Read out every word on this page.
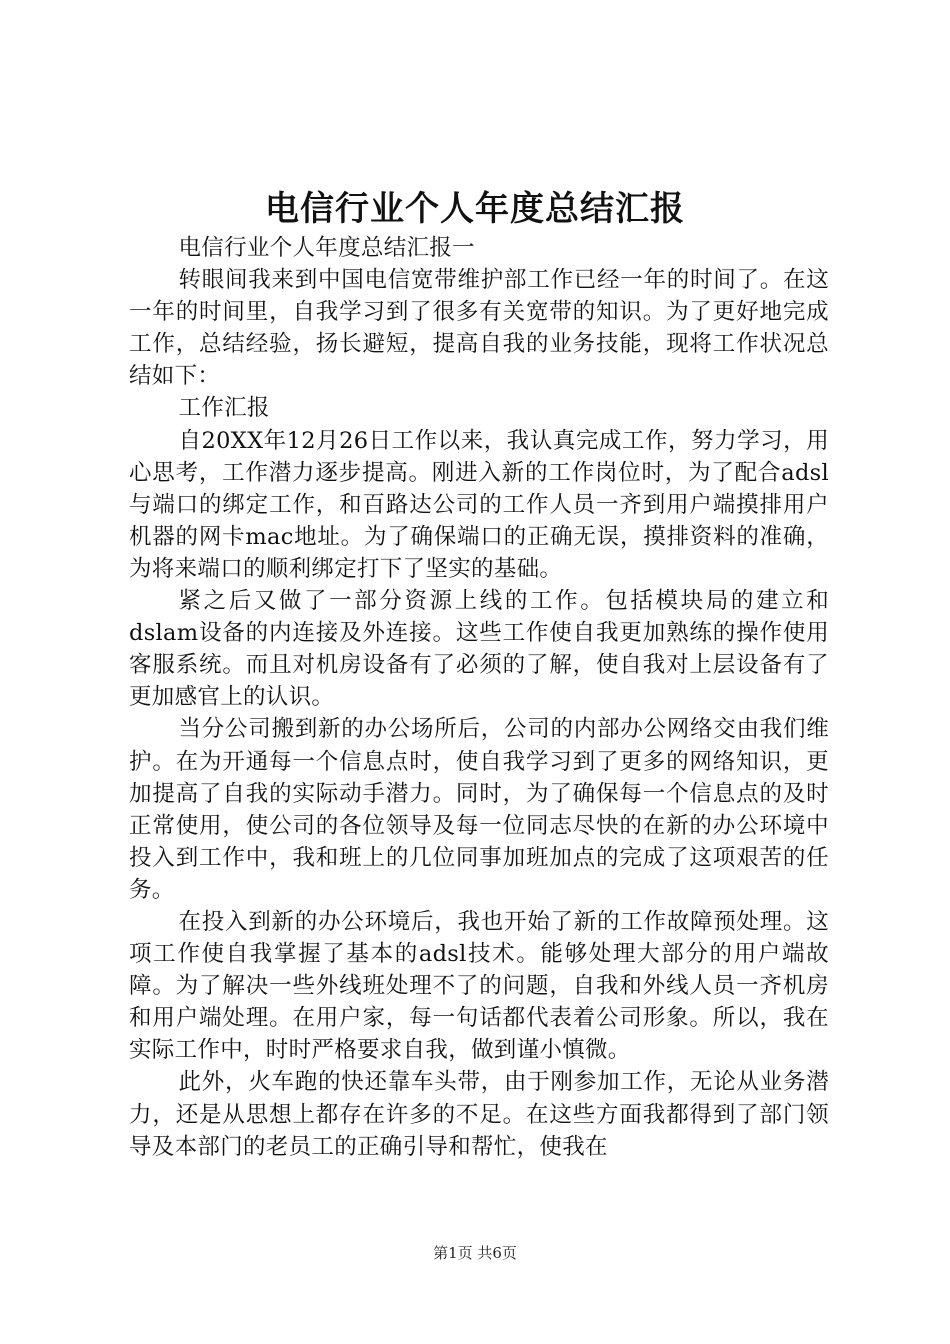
电信行业个人年度总结汇报

电信行业个人年度总结汇报一

转眼间我来到中国电信宽带维护部工作已经一年的时间了。在这一年的时间里，自我学习到了很多有关宽带的知识。为了更好地完成工作，总结经验，扬长避短，提高自我的业务技能，现将工作状况总结如下：

工作汇报

自20XX年12月26日工作以来，我认真完成工作，努力学习，用心思考，工作潜力逐步提高。刚进入新的工作岗位时，为了配合adsl与端口的绑定工作，和百路达公司的工作人员一齐到用户端摸排用户机器的网卡mac地址。为了确保端口的正确无误，摸排资料的准确，为将来端口的顺利绑定打下了坚实的基础。

紧之后又做了一部分资源上线的工作。包括模块局的建立和dslam设备的内连接及外连接。这些工作使自我更加熟练的操作使用客服系统。而且对机房设备有了必须的了解，使自我对上层设备有了更加感官上的认识。

当分公司搬到新的办公场所后，公司的内部办公网络交由我们维护。在为开通每一个信息点时，使自我学习到了更多的网络知识，更加提高了自我的实际动手潜力。同时，为了确保每一个信息点的及时正常使用，使公司的各位领导及每一位同志尽快的在新的办公环境中投入到工作中，我和班上的几位同事加班加点的完成了这项艰苦的任务。

在投入到新的办公环境后，我也开始了新的工作故障预处理。这项工作使自我掌握了基本的adsl技术。能够处理大部分的用户端故障。为了解决一些外线班处理不了的问题，自我和外线人员一齐机房和用户端处理。在用户家，每一句话都代表着公司形象。所以，我在实际工作中，时时严格要求自我，做到谨小慎微。

此外，火车跑的快还靠车头带，由于刚参加工作，无论从业务潜力，还是从思想上都存在许多的不足。在这些方面我都得到了部门领导及本部门的老员工的正确引导和帮忙，使我在

第1页 共6页
